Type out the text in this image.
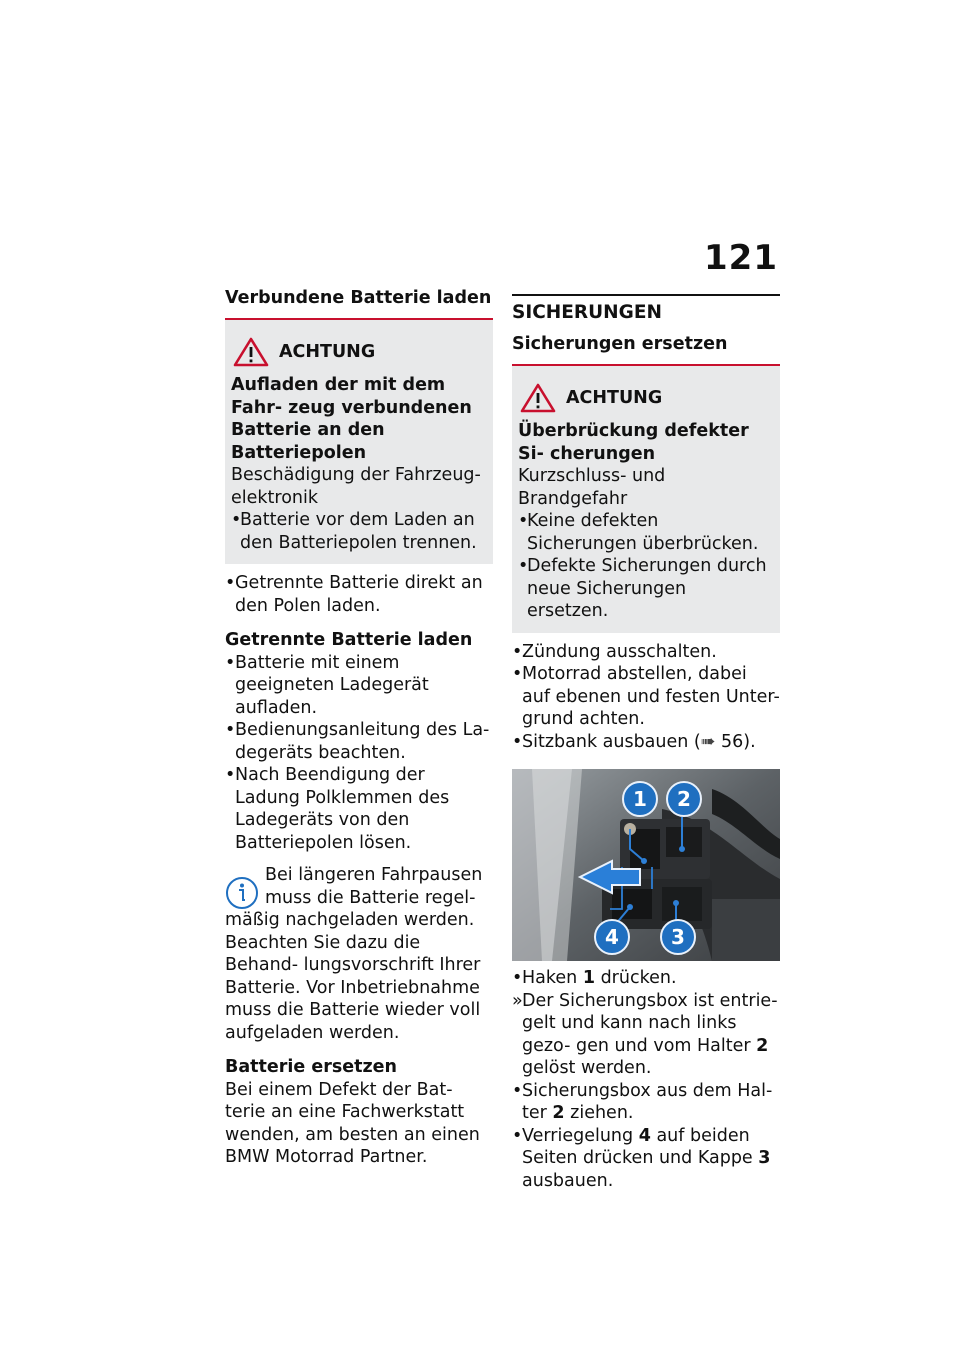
121
Verbundene Batterie laden
ACHTUNG
Aufladen der mit dem Fahr- zeug verbundenen Batterie an den Batteriepolen
Beschädigung der Fahrzeug- elektronik
•
Batterie vor dem Laden an den Batteriepolen trennen.
• Getrennte Batterie direkt an den Polen laden.
Getrennte Batterie laden
• Batterie mit einem geeigneten Ladegerät aufladen.
• Bedienungsanleitung des La- degeräts beachten.
• Nach Beendigung der Ladung Polklemmen des Ladegeräts von den Batteriepolen lösen.
Bei längeren Fahrpausen muss die Batterie regel- mäßig nachgeladen werden. Beachten Sie dazu die Behand- lungsvorschrift Ihrer Batterie. Vor Inbetriebnahme muss die Batterie wieder voll aufgeladen werden.
Batterie ersetzen
Bei einem Defekt der Bat- terie an eine Fachwerkstatt wenden, am besten an einen BMW Motorrad Partner.
SICHERUNGEN
Sicherungen ersetzen
ACHTUNG
Überbrückung defekter Si- cherungen
Kurzschluss- und Brandgefahr
•
Keine defekten Sicherungen überbrücken.
•
Defekte Sicherungen durch neue Sicherungen ersetzen.
• Zündung ausschalten.
• Motorrad abstellen, dabei auf ebenen und festen Unter- grund achten.
• Sitzbank ausbauen (➠ 56).
1	2
3
4
• Haken 1 drücken.
» Der Sicherungsbox ist entrie- gelt und kann nach links gezo- gen und vom Halter 2 gelöst werden.
• Sicherungsbox aus dem Hal- ter 2 ziehen.
• Verriegelung 4 auf beiden Seiten drücken und Kappe 3 ausbauen.
